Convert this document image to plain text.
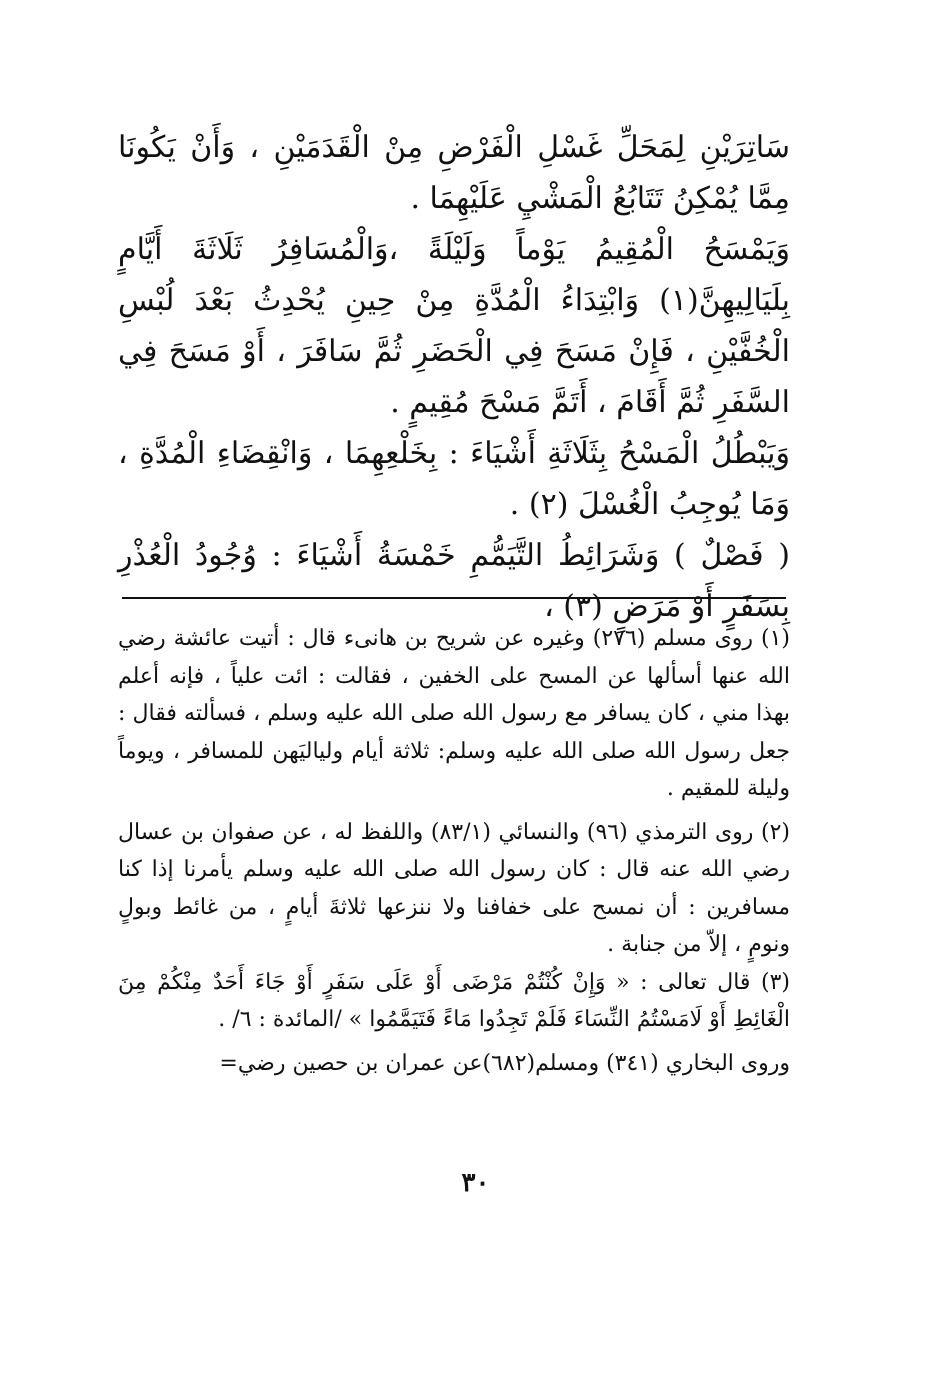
سَاتِرَيْنِ لِمَحَلِّ غَسْلِ الْفَرْضِ مِنْ الْقَدَمَيْنِ ، وَأَنْ يَكُونَا مِمَّا يُمْكِنُ تَتَابُعُ الْمَشْيِ عَلَيْهِمَا .

وَيَمْسَحُ الْمُقِيمُ يَوْماً وَلَيْلَةً ،وَالْمُسَافِرُ ثَلَاثَةَ أَيَّامٍ بِلَيَالِيهِنَّ(١) وَابْتِدَاءُ الْمُدَّةِ مِنْ حِينِ يُحْدِثُ بَعْدَ لُبْسِ الْخُفَّيْنِ ، فَإِنْ مَسَحَ فِي الْحَضَرِ ثُمَّ سَافَرَ ، أَوْ مَسَحَ فِي السَّفَرِ ثُمَّ أَقَامَ ، أَتَمَّ مَسْحَ مُقِيمٍ .

وَيَبْطُلُ الْمَسْحُ بِثَلَاثَةِ أَشْيَاءَ : بِخَلْعِهِمَا ، وَانْقِضَاءِ الْمُدَّةِ ، وَمَا يُوجِبُ الْغُسْلَ (٢) .

( فَصْلٌ ) وَشَرَائِطُ التَّيَمُّمِ خَمْسَةُ أَشْيَاءَ : وُجُودُ الْعُذْرِ بِسَفَرٍ أَوْ مَرَضٍ (٣) ،

(١) روى مسلم (٢٧٦) وغيره عن شريح بن هانىء قال : أتيت عائشة رضي الله عنها أسألها عن المسح على الخفين ، فقالت : ائت علياً ، فإنه أعلم بهذا مني ، كان يسافر مع رسول الله صلى الله عليه وسلم ، فسألته فقال : جعل رسول الله صلى الله عليه وسلم: ثلاثة أيام ولياليَهن للمسافر ، ويوماً وليلة للمقيم .

(٢) روى الترمذي (٩٦) والنسائي (٨٣/١) واللفظ له ، عن صفوان بن عسال رضي الله عنه قال : كان رسول الله صلى الله عليه وسلم يأمرنا إذا كنا مسافرين : أن نمسح على خفافنا ولا ننزعها ثلاثةَ أيامٍ ، من غائط وبولٍ ونومٍ ، إلاّ من جنابة .

(٣) قال تعالى : « وَإِنْ كُنْتُمْ مَرْضَى أَوْ عَلَى سَفَرٍ أَوْ جَاءَ أَحَدٌ مِنْكُمْ مِنَ الْغَائِطِ أَوْ لَامَسْتُمُ النِّسَاءَ فَلَمْ تَجِدُوا مَاءً فَتَيَمَّمُوا » /المائدة : ٦/ .

وروى البخاري (٣٤١) ومسلم(٦٨٢)عن عمران بن حصين رضي=

٣٠
